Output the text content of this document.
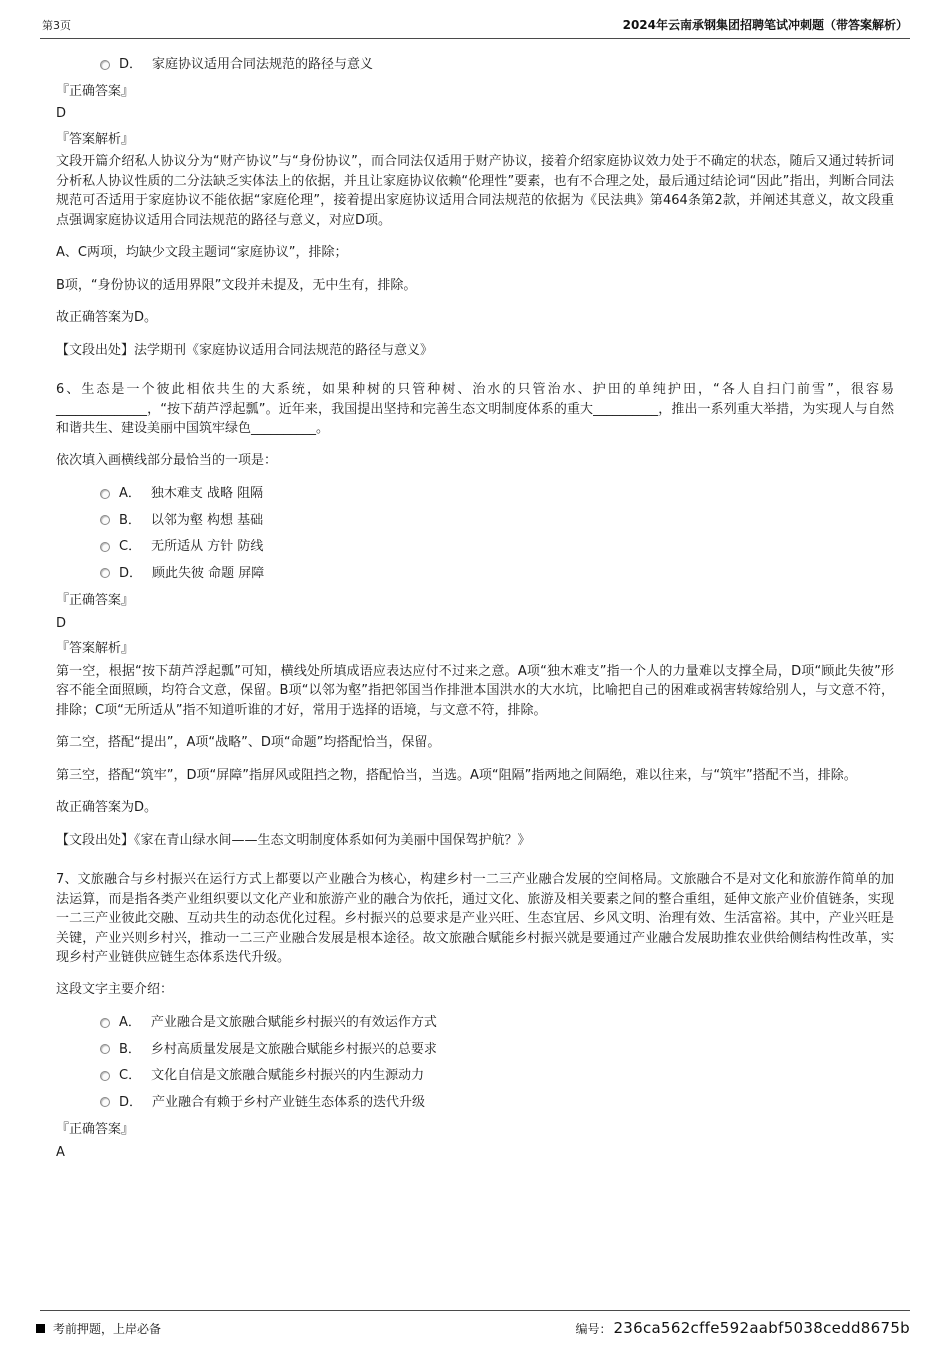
第3页	2024年云南承钢集团招聘笔试冲刺题（带答案解析）
D． 家庭协议适用合同法规范的路径与意义
『正确答案』
D
『答案解析』

文段开篇介绍私人协议分为“财产协议”与“身份协议”，而合同法仅适用于财产协议，接着介绍家庭协议效力处于不确定的状态，随后又通过转折词分析私人协议性质的二分法缺乏实体法上的依据，并且让家庭协议依赖“伦理性”要素，也有不合理之处，最后通过结论词“因此”指出，判断合同法规范可否适用于家庭协议不能依据“家庭伦理”，接着提出家庭协议适用合同法规范的依据为《民法典》第464条第2款，并阐述其意义，故文段重点强调家庭协议适用合同法规范的路径与意义，对应D项。

A、C两项，均缺少文段主题词“家庭协议”，排除；

B项，“身份协议的适用界限”文段并未提及，无中生有，排除。

故正确答案为D。

【文段出处】法学期刊《家庭协议适用合同法规范的路径与意义》

6、生态是一个彼此相依共生的大系统，如果种树的只管种树、治水的只管治水、护田的单纯护田，“各人自扫门前雪”，很容易______________，“按下葫芦浮起瓢”。近年来，我国提出坚持和完善生态文明制度体系的重大__________，推出一系列重大举措，为实现人与自然和谐共生、建设美丽中国筑牢绿色__________。

依次填入画横线部分最恰当的一项是：

A． 独木难支 战略 阻隔
B． 以邻为壑 构想 基础
C． 无所适从 方针 防线
D． 顾此失彼 命题 屏障
『正确答案』
D
『答案解析』

第一空，根据“按下葫芦浮起瓢”可知，横线处所填成语应表达应付不过来之意。A项“独木难支”指一个人的力量难以支撑全局，D项“顾此失彼”形容不能全面照顾，均符合文意，保留。B项“以邻为壑”指把邻国当作排泄本国洪水的大水坑，比喻把自己的困难或祸害转嫁给别人，与文意不符，排除；C项“无所适从”指不知道听谁的才好，常用于选择的语境，与文意不符，排除。

第二空，搭配“提出”，A项“战略”、D项“命题”均搭配恰当，保留。

第三空，搭配“筑牢”，D项“屏障”指屏风或阻挡之物，搭配恰当，当选。A项“阻隔”指两地之间隔绝，难以往来，与“筑牢”搭配不当，排除。

故正确答案为D。

【文段出处】《家在青山绿水间——生态文明制度体系如何为美丽中国保驾护航？》

7、文旅融合与乡村振兴在运行方式上都要以产业融合为核心，构建乡村一二三产业融合发展的空间格局。文旅融合不是对文化和旅游作简单的加法运算，而是指各类产业组织要以文化产业和旅游产业的融合为依托，通过文化、旅游及相关要素之间的整合重组，延伸文旅产业价值链条，实现一二三产业彼此交融、互动共生的动态优化过程。乡村振兴的总要求是产业兴旺、生态宜居、乡风文明、治理有效、生活富裕。其中，产业兴旺是关键，产业兴则乡村兴，推动一二三产业融合发展是根本途径。故文旅融合赋能乡村振兴就是要通过产业融合发展助推农业供给侧结构性改革，实现乡村产业链供应链生态体系迭代升级。

这段文字主要介绍：

A． 产业融合是文旅融合赋能乡村振兴的有效运作方式
B． 乡村高质量发展是文旅融合赋能乡村振兴的总要求
C． 文化自信是文旅融合赋能乡村振兴的内生源动力
D． 产业融合有赖于乡村产业链生态体系的迭代升级
『正确答案』
A
考前押题，上岸必备	编号： 236ca562cffe592aabf5038cedd8675b
